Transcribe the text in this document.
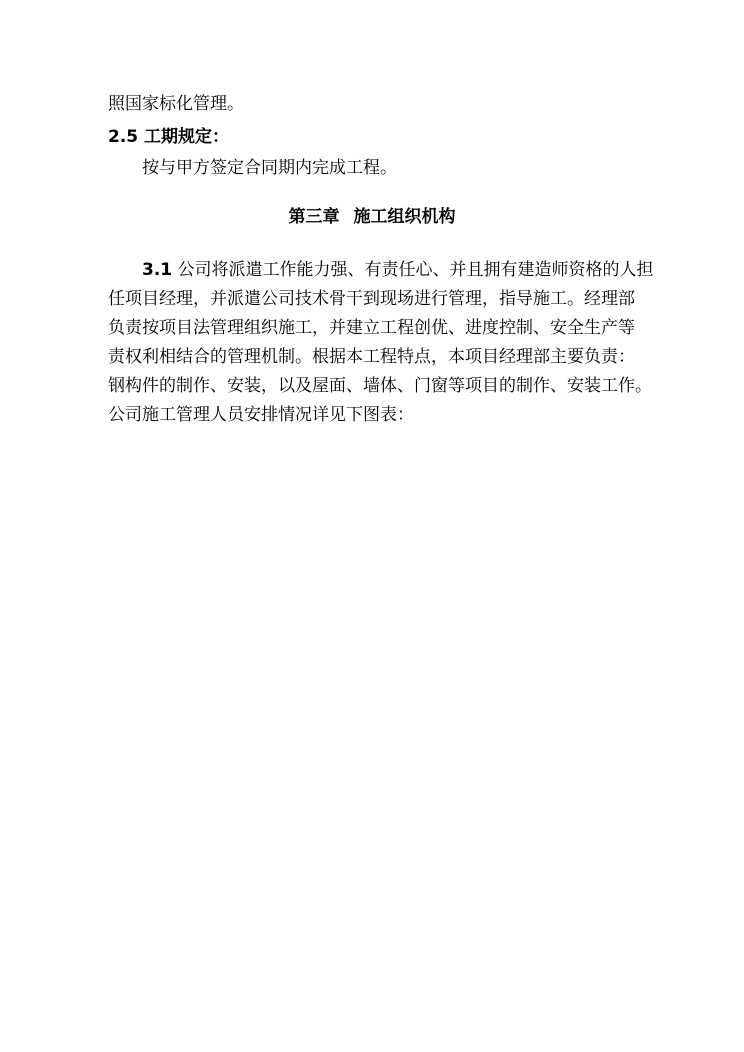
照国家标化管理。
2.5 工期规定：
按与甲方签定合同期内完成工程。
第三章 施工组织机构
3.1 公司将派遣工作能力强、有责任心、并且拥有建造师资格的人担
任项目经理，并派遣公司技术骨干到现场进行管理，指导施工。经理部
负责按项目法管理组织施工，并建立工程创优、进度控制、安全生产等
责权利相结合的管理机制。根据本工程特点，本项目经理部主要负责：
钢构件的制作、安装，以及屋面、墙体、门窗等项目的制作、安装工作。
公司施工管理人员安排情况详见下图表：
